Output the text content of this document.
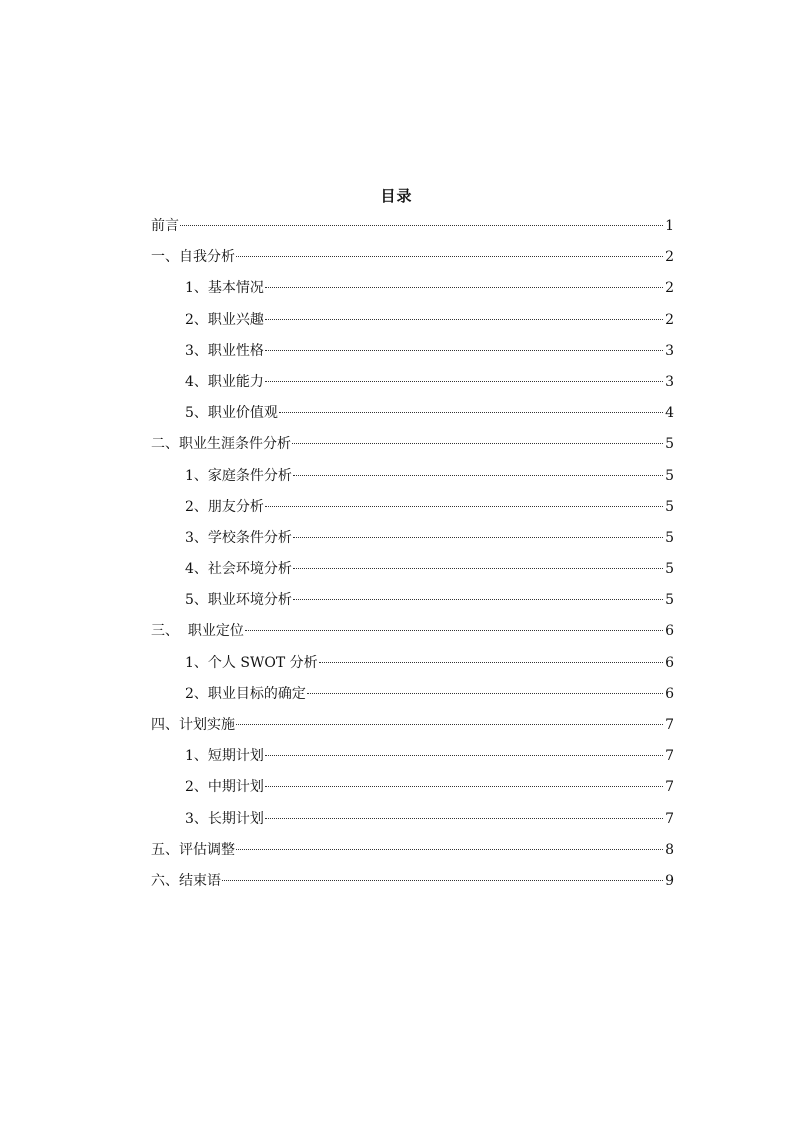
目录
前言	1
一、自我分析	2
1、基本情况	2
2、职业兴趣	2
3、职业性格	3
4、职业能力	3
5、职业价值观	4
二、职业生涯条件分析	5
1、家庭条件分析	5
2、朋友分析	5
3、学校条件分析	5
4、社会环境分析	5
5、职业环境分析	5
三、  职业定位	6
1、个人 SWOT 分析	6
2、职业目标的确定	6
四、计划实施	7
1、短期计划	7
2、中期计划	7
3、长期计划	7
五、评估调整	8
六、结束语	9
